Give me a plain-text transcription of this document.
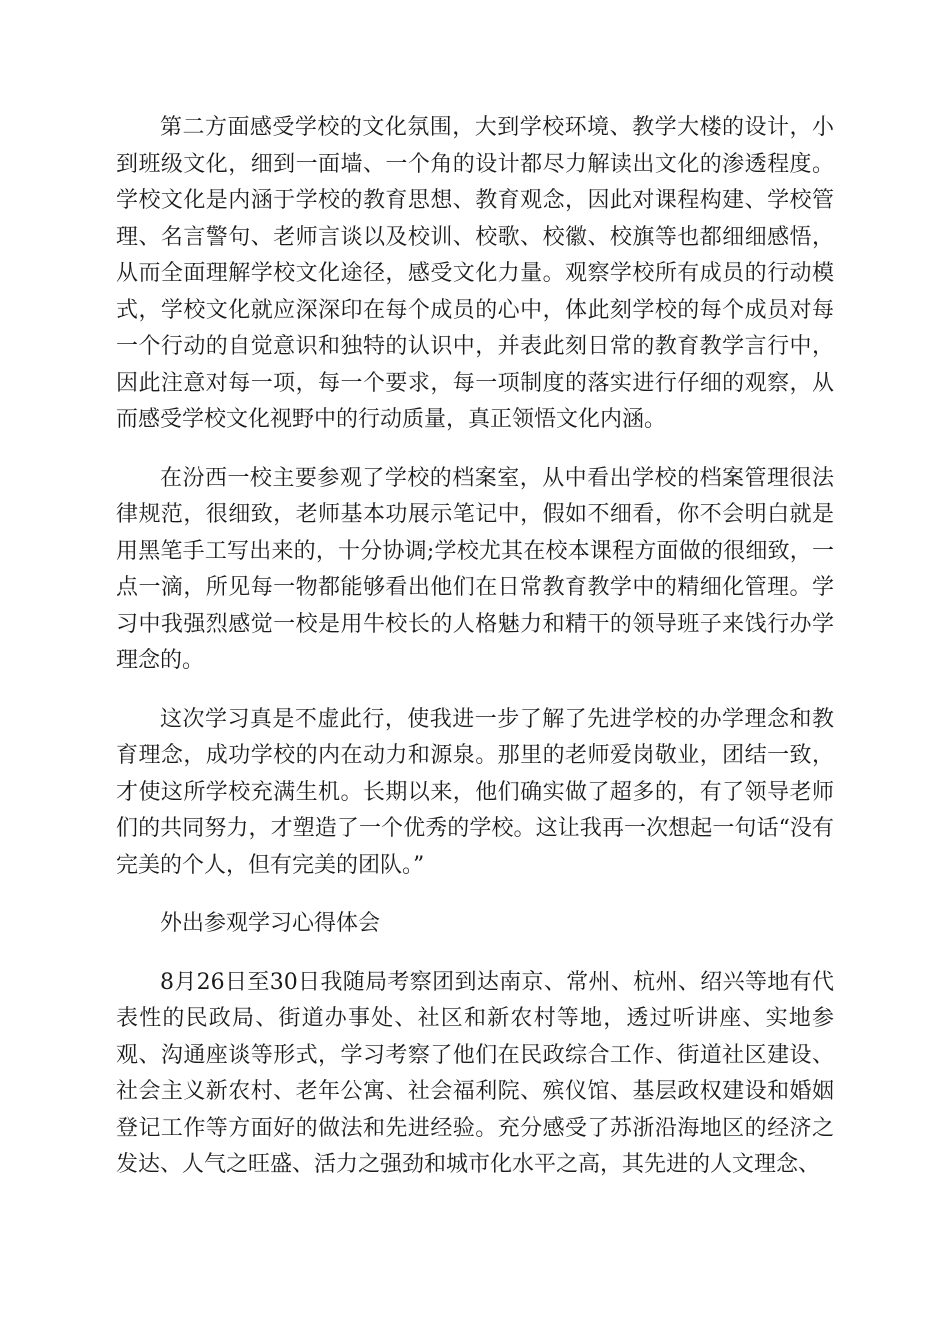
第二方面感受学校的文化氛围，大到学校环境、教学大楼的设计，小到班级文化，细到一面墙、一个角的设计都尽力解读出文化的渗透程度。学校文化是内涵于学校的教育思想、教育观念，因此对课程构建、学校管理、名言警句、老师言谈以及校训、校歌、校徽、校旗等也都细细感悟，从而全面理解学校文化途径，感受文化力量。观察学校所有成员的行动模式，学校文化就应深深印在每个成员的心中，体此刻学校的每个成员对每一个行动的自觉意识和独特的认识中，并表此刻日常的教育教学言行中，因此注意对每一项，每一个要求，每一项制度的落实进行仔细的观察，从而感受学校文化视野中的行动质量，真正领悟文化内涵。

在汾西一校主要参观了学校的档案室，从中看出学校的档案管理很法律规范，很细致，老师基本功展示笔记中，假如不细看，你不会明白就是用黑笔手工写出来的，十分协调;学校尤其在校本课程方面做的很细致，一点一滴，所见每一物都能够看出他们在日常教育教学中的精细化管理。学习中我强烈感觉一校是用牛校长的人格魅力和精干的领导班子来饯行办学理念的。

这次学习真是不虚此行，使我进一步了解了先进学校的办学理念和教育理念，成功学校的内在动力和源泉。那里的老师爱岗敬业，团结一致，才使这所学校充满生机。长期以来，他们确实做了超多的，有了领导老师们的共同努力，才塑造了一个优秀的学校。这让我再一次想起一句话“没有完美的个人，但有完美的团队。”

外出参观学习心得体会

8月26日至30日我随局考察团到达南京、常州、杭州、绍兴等地有代表性的民政局、街道办事处、社区和新农村等地，透过听讲座、实地参观、沟通座谈等形式，学习考察了他们在民政综合工作、街道社区建设、社会主义新农村、老年公寓、社会福利院、殡仪馆、基层政权建设和婚姻登记工作等方面好的做法和先进经验。充分感受了苏浙沿海地区的经济之发达、人气之旺盛、活力之强劲和城市化水平之高，其先进的人文理念、
